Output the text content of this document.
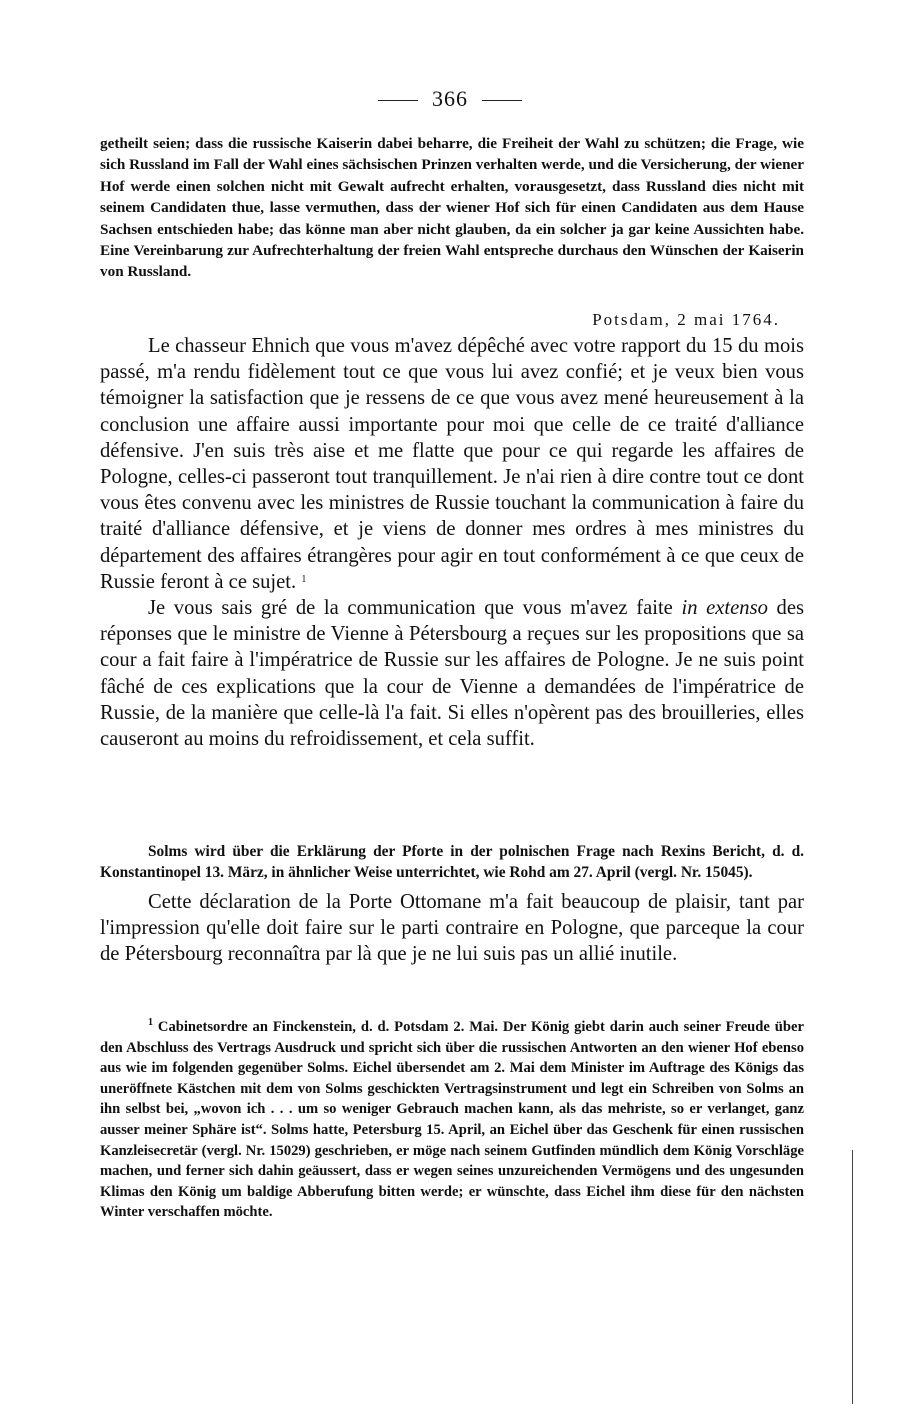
366

getheilt seien; dass die russische Kaiserin dabei beharre, die Freiheit der Wahl zu schützen; die Frage, wie sich Russland im Fall der Wahl eines sächsischen Prinzen verhalten werde, und die Versicherung, der wiener Hof werde einen solchen nicht mit Gewalt aufrecht erhalten, vorausgesetzt, dass Russland dies nicht mit seinem Candidaten thue, lasse vermuthen, dass der wiener Hof sich für einen Candidaten aus dem Hause Sachsen entschieden habe; das könne man aber nicht glauben, da ein solcher ja gar keine Aussichten habe. Eine Vereinbarung zur Aufrechterhaltung der freien Wahl entspreche durchaus den Wünschen der Kaiserin von Russland.

Potsdam, 2 mai 1764.

Le chasseur Ehnich que vous m'avez dépêché avec votre rapport du 15 du mois passé, m'a rendu fidèlement tout ce que vous lui avez confié; et je veux bien vous témoigner la satisfaction que je ressens de ce que vous avez mené heureusement à la conclusion une affaire aussi importante pour moi que celle de ce traité d'alliance défensive. J'en suis très aise et me flatte que pour ce qui regarde les affaires de Pologne, celles-ci passeront tout tranquillement. Je n'ai rien à dire contre tout ce dont vous êtes convenu avec les ministres de Russie touchant la communication à faire du traité d'alliance défensive, et je viens de donner mes ordres à mes ministres du département des affaires étrangères pour agir en tout conformément à ce que ceux de Russie feront à ce sujet. $^1$

Je vous sais gré de la communication que vous m'avez faite in extenso des réponses que le ministre de Vienne à Pétersbourg a reçues sur les propositions que sa cour a fait faire à l'impératrice de Russie sur les affaires de Pologne. Je ne suis point fâché de ces explications que la cour de Vienne a demandées de l'impératrice de Russie, de la manière que celle-là l'a fait. Si elles n'opèrent pas des brouilleries, elles causeront au moins du refroidissement, et cela suffit.

Solms wird über die Erklärung der Pforte in der polnischen Frage nach Rexins Bericht, d. d. Konstantinopel 13. März, in ähnlicher Weise unterrichtet, wie Rohd am 27. April (vergl. Nr. 15045).

Cette déclaration de la Porte Ottomane m'a fait beaucoup de plaisir, tant par l'impression qu'elle doit faire sur le parti contraire en Pologne, que parceque la cour de Pétersbourg reconnaîtra par là que je ne lui suis pas un allié inutile.

$^1$ Cabinetsordre an Finckenstein, d. d. Potsdam 2. Mai. Der König giebt darin auch seiner Freude über den Abschluss des Vertrags Ausdruck und spricht sich über die russischen Antworten an den wiener Hof ebenso aus wie im folgenden gegenüber Solms. Eichel übersendet am 2. Mai dem Minister im Auftrage des Königs das uneröffnete Kästchen mit dem von Solms geschickten Vertragsinstrument und legt ein Schreiben von Solms an ihn selbst bei, „wovon ich . . . um so weniger Gebrauch machen kann, als das mehriste, so er verlanget, ganz ausser meiner Sphäre ist“. Solms hatte, Petersburg 15. April, an Eichel über das Geschenk für einen russischen Kanzleisecretär (vergl. Nr. 15029) geschrieben, er möge nach seinem Gutfinden mündlich dem König Vorschläge machen, und ferner sich dahin geäussert, dass er wegen seines unzureichenden Vermögens und des ungesunden Klimas den König um baldige Abberufung bitten werde; er wünschte, dass Eichel ihm diese für den nächsten Winter verschaffen möchte.
